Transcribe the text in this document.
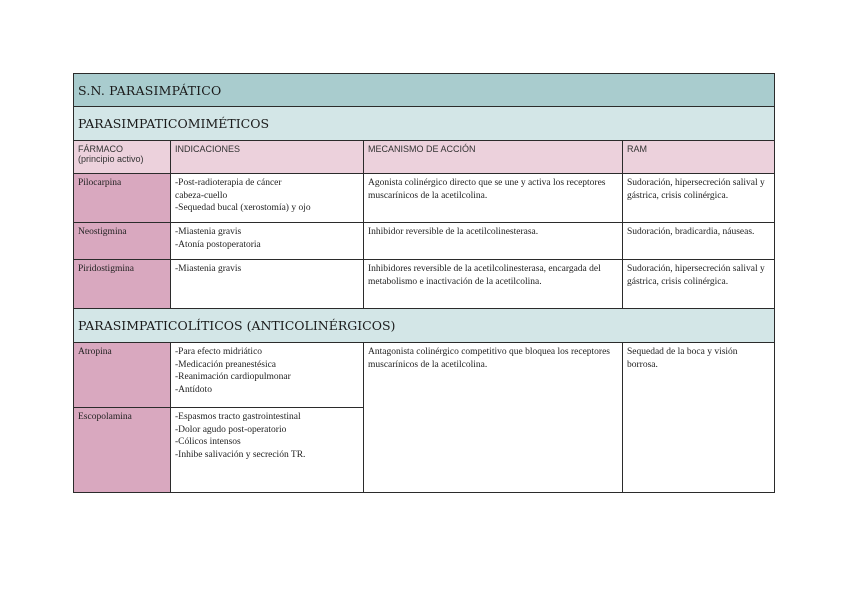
S.N. PARASIMPÁTICO			
PARASIMPATICOMIMÉTICOS			

FÁRMACO
(principio activo)	INDICACIONES	MECANISMO DE ACCIÓN	RAM
Pilocarpina	-Post-radioterapia de cáncer
cabeza-cuello
-Sequedad bucal (xerostomía) y ojo	Agonista colinérgico directo que se une y activa los receptores muscarínicos de la acetilcolina.	Sudoración, hipersecreción salival y gástrica, crisis colinérgica.
Neostigmina	-Miastenia gravis
-Atonía postoperatoria	Inhibidor reversible de la acetilcolinesterasa.	Sudoración, bradicardia, náuseas.
Piridostigmina	-Miastenia gravis	Inhibidores reversible de la acetilcolinesterasa, encargada del metabolismo e inactivación de la acetilcolina.	Sudoración, hipersecreción salival y gástrica, crisis colinérgica.
PARASIMPATICOLÍTICOS (ANTICOLINÉRGICOS)			
Atropina	-Para efecto midriático
-Medicación preanestésica
-Reanimación cardiopulmonar
-Antídoto	Antagonista colinérgico competitivo que bloquea los receptores muscarínicos de la acetilcolina.	Sequedad de la boca y visión borrosa.
Escopolamina	-Espasmos tracto gastrointestinal
-Dolor agudo post-operatorio
-Cólicos intensos
-Inhibe salivación y secreción TR.		
